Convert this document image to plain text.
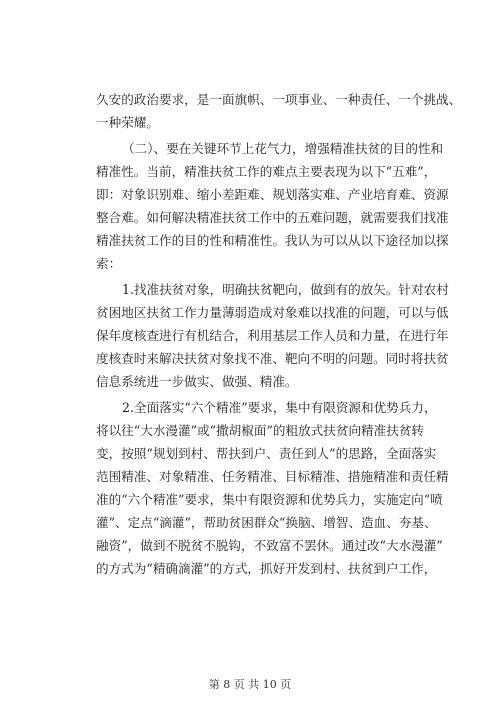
久安的政治要求，是一面旗帜、一项事业、一种责任、一个挑战、
一种荣耀。
（二）、要在关键环节上花气力，增强精准扶贫的目的性和
精准性。当前，精准扶贫工作的难点主要表现为以下“五难”，
即：对象识别难、缩小差距难、规划落实难、产业培育难、资源
整合难。如何解决精准扶贫工作中的五难问题，就需要我们找准
精准扶贫工作的目的性和精准性。我认为可以从以下途径加以探
索：
1.找准扶贫对象，明确扶贫靶向，做到有的放矢。针对农村
贫困地区扶贫工作力量薄弱造成对象难以找准的问题，可以与低
保年度核查进行有机结合，利用基层工作人员和力量，在进行年
度核查时来解决扶贫对象找不准、靶向不明的问题。同时将扶贫
信息系统进一步做实、做强、精准。
2.全面落实“六个精准”要求，集中有限资源和优势兵力，
将以往“大水漫灌”或“撒胡椒面”的粗放式扶贫向精准扶贫转
变，按照“规划到村、帮扶到户、责任到人”的思路，全面落实
范围精准、对象精准、任务精准、目标精准、措施精准和责任精
准的“六个精准”要求，集中有限资源和优势兵力，实施定向“喷
灌”、定点“滴灌”，帮助贫困群众“换脑、增智、造血、夯基、
融资”，做到不脱贫不脱钩，不致富不罢休。通过改“大水漫灌”
的方式为“精确滴灌”的方式，抓好开发到村、扶贫到户工作，
第 8 页 共 10 页
